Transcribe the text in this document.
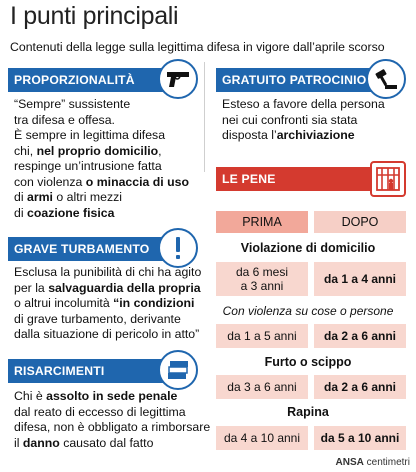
I punti principali
Contenuti della legge sulla legittima difesa in vigore dall’aprile scorso
PROPORZIONALITÀ
“Sempre” sussistente
tra difesa e offesa.
È sempre in legittima difesa
chi, nel proprio domicilio,
respinge un’intrusione fatta
con violenza o minaccia di uso
di armi o altri mezzi
di coazione fisica
GRATUITO PATROCINIO
Esteso a favore della persona
nei cui confronti sia stata
disposta l’archiviazione
GRAVE TURBAMENTO
Esclusa la punibilità di chi ha agito
per la salvaguardia della propria
o altrui incolumità “in condizioni
di grave turbamento, derivante
dalla situazione di pericolo in atto”
RISARCIMENTI
Chi è assolto in sede penale
dal reato di eccesso di legittima
difesa, non è obbligato a rimborsare
il danno causato dal fatto
LE PENE
PRIMA	DOPO
Violazione di domicilio
da 6 mesi
a 3 anni	da 1 a 4 anni
Con violenza su cose o persone
da 1 a 5 anni	da 2 a 6 anni
Furto o scippo
da 3 a 6 anni	da 2 a 6 anni
Rapina
da 4 a 10 anni	da 5 a 10 anni
ANSA centimetri
